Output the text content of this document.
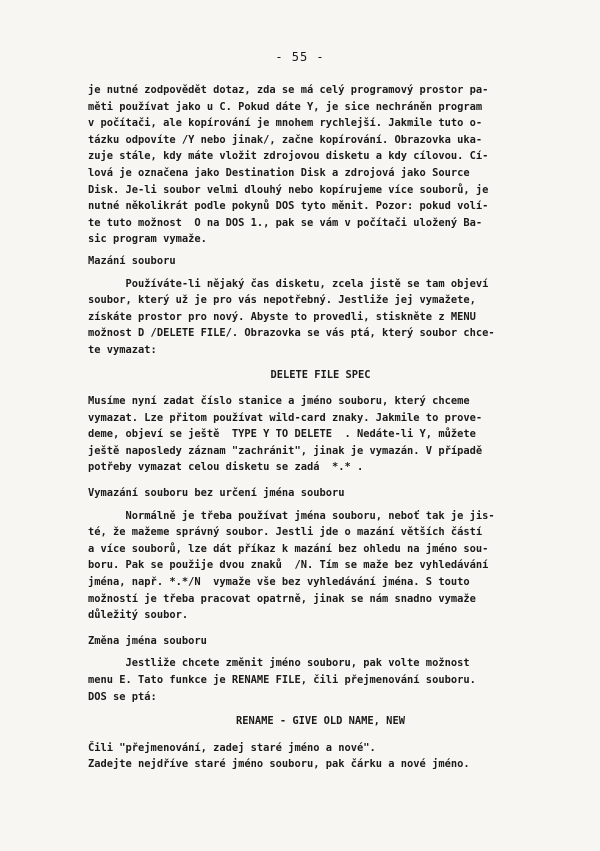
- 55 -
je nutné zodpovědět dotaz, zda se má celý programový prostor pa-
měti používat jako u C. Pokud dáte Y, je sice nechráněn program
v počítači, ale kopírování je mnohem rychlejší. Jakmile tuto o-
tázku odpovíte /Y nebo jinak/, začne kopírování. Obrazovka uka-
zuje stále, kdy máte vložit zdrojovou disketu a kdy cílovou. Cí-
lová je označena jako Destination Disk a zdrojová jako Source
Disk. Je-li soubor velmi dlouhý nebo kopírujeme více souborů, je
nutné několikrát podle pokynů DOS tyto měnit. Pozor: pokud volí-
te tuto možnost  O na DOS 1., pak se vám v počítači uložený Ba-
sic program vymaže.
Mazání souboru
Používáte-li nějaký čas disketu, zcela jistě se tam objeví
soubor, který už je pro vás nepotřebný. Jestliže jej vymažete,
získáte prostor pro nový. Abyste to provedli, stiskněte z MENU
možnost D /DELETE FILE/. Obrazovka se vás ptá, který soubor chce-
te vymazat:
DELETE FILE SPEC
Musíme nyní zadat číslo stanice a jméno souboru, který chceme
vymazat. Lze přitom používat wild-card znaky. Jakmile to prove-
deme, objeví se ještě  TYPE Y TO DELETE  . Nedáte-li Y, můžete
ještě naposledy záznam "zachránit", jinak je vymazán. V případě
potřeby vymazat celou disketu se zadá  *.* .
Vymazání souboru bez určení jména souboru
Normálně je třeba používat jména souboru, neboť tak je jis-
té, že mažeme správný soubor. Jestli jde o mazání větších částí
a více souborů, lze dát příkaz k mazání bez ohledu na jméno sou-
boru. Pak se použije dvou znaků  /N. Tím se maže bez vyhledávání
jména, např. *.*/N  vymaže vše bez vyhledávání jména. S touto
možností je třeba pracovat opatrně, jinak se nám snadno vymaže
důležitý soubor.
Změna jména souboru
Jestliže chcete změnit jméno souboru, pak volte možnost
menu E. Tato funkce je RENAME FILE, čili přejmenování souboru.
DOS se ptá:
RENAME - GIVE OLD NAME, NEW
Čili "přejmenování, zadej staré jméno a nové".
Zadejte nejdříve staré jméno souboru, pak čárku a nové jméno.
